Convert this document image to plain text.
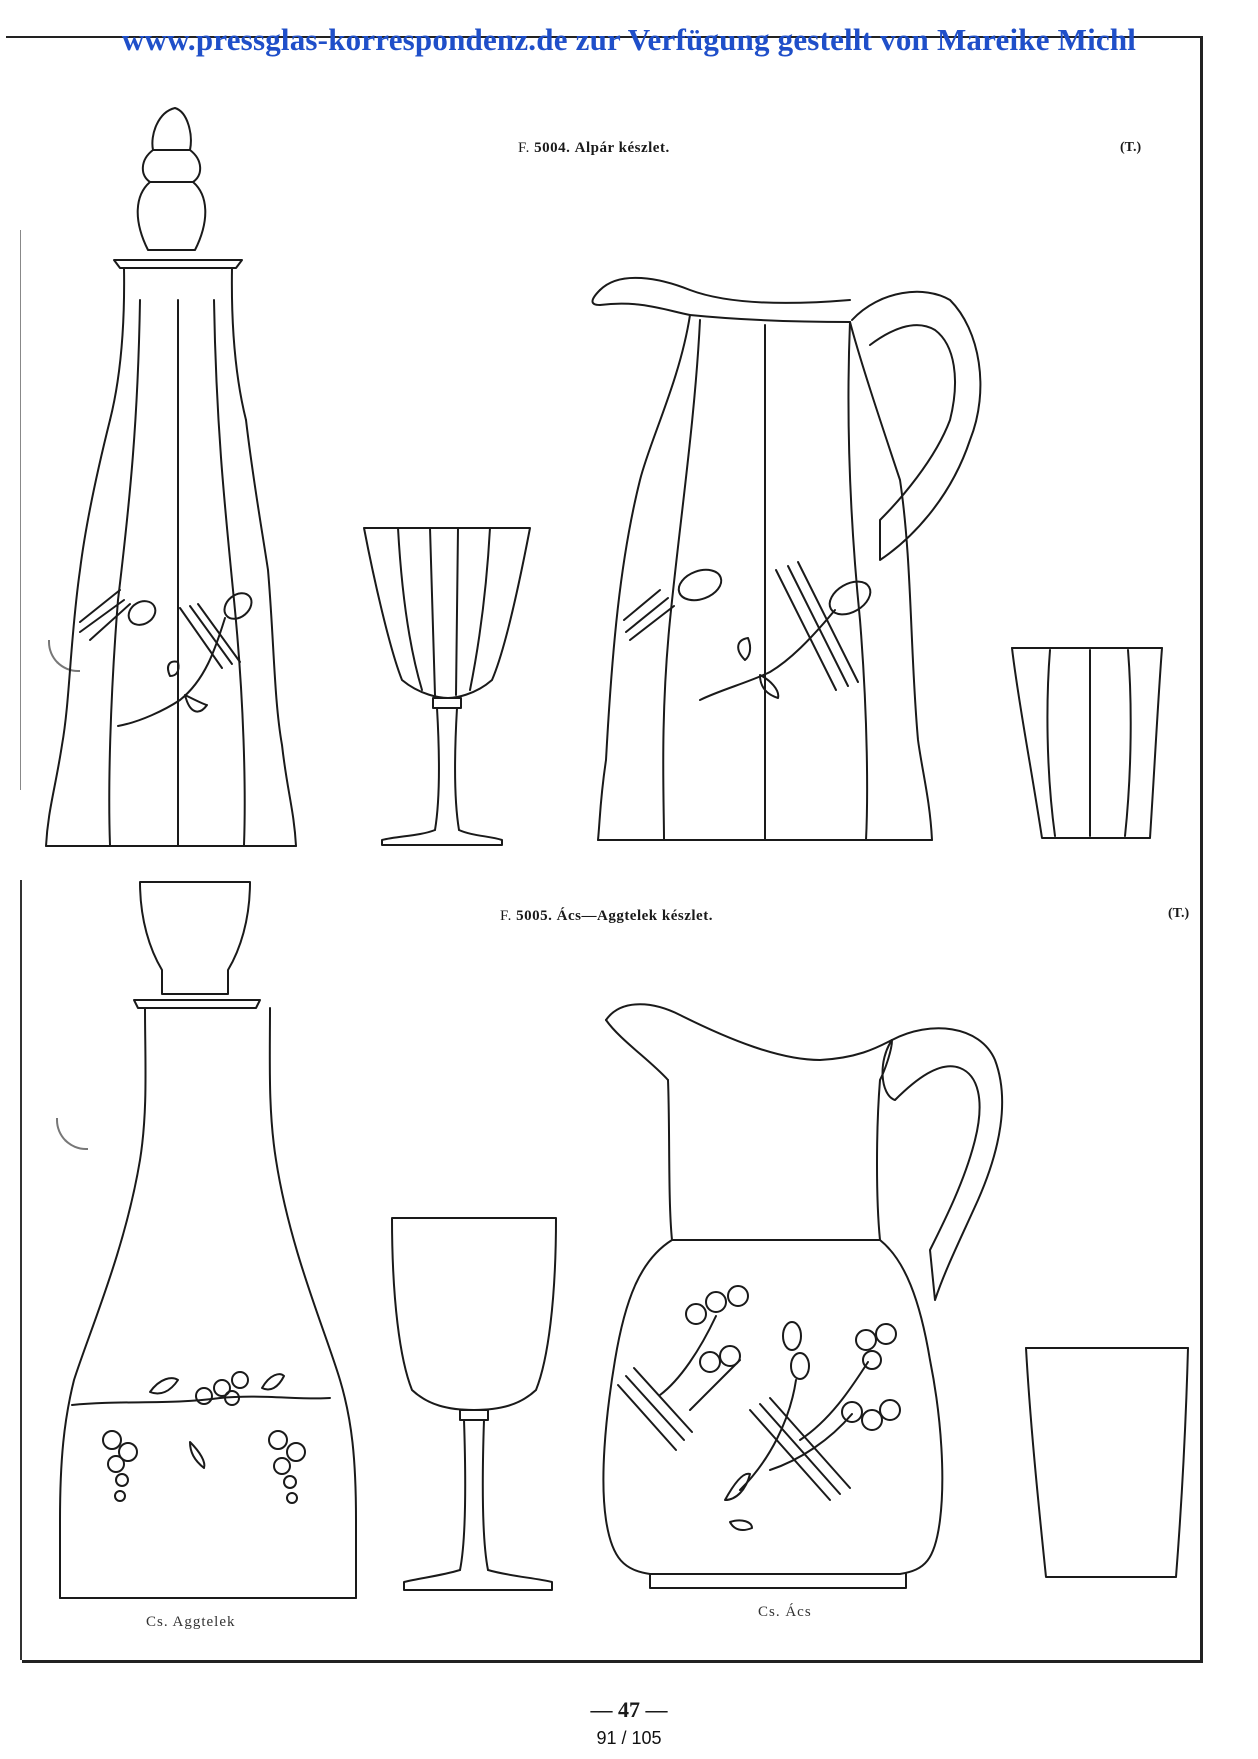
www.pressglas-korrespondenz.de zur Verfügung gestellt von Mareike Michl
F. 5004. Alpár készlet.	(T.)
F. 5005. Ács—Aggtelek készlet.	(T.)
Cs. Aggtelek
Cs. Ács
— 47 —
91 / 105
